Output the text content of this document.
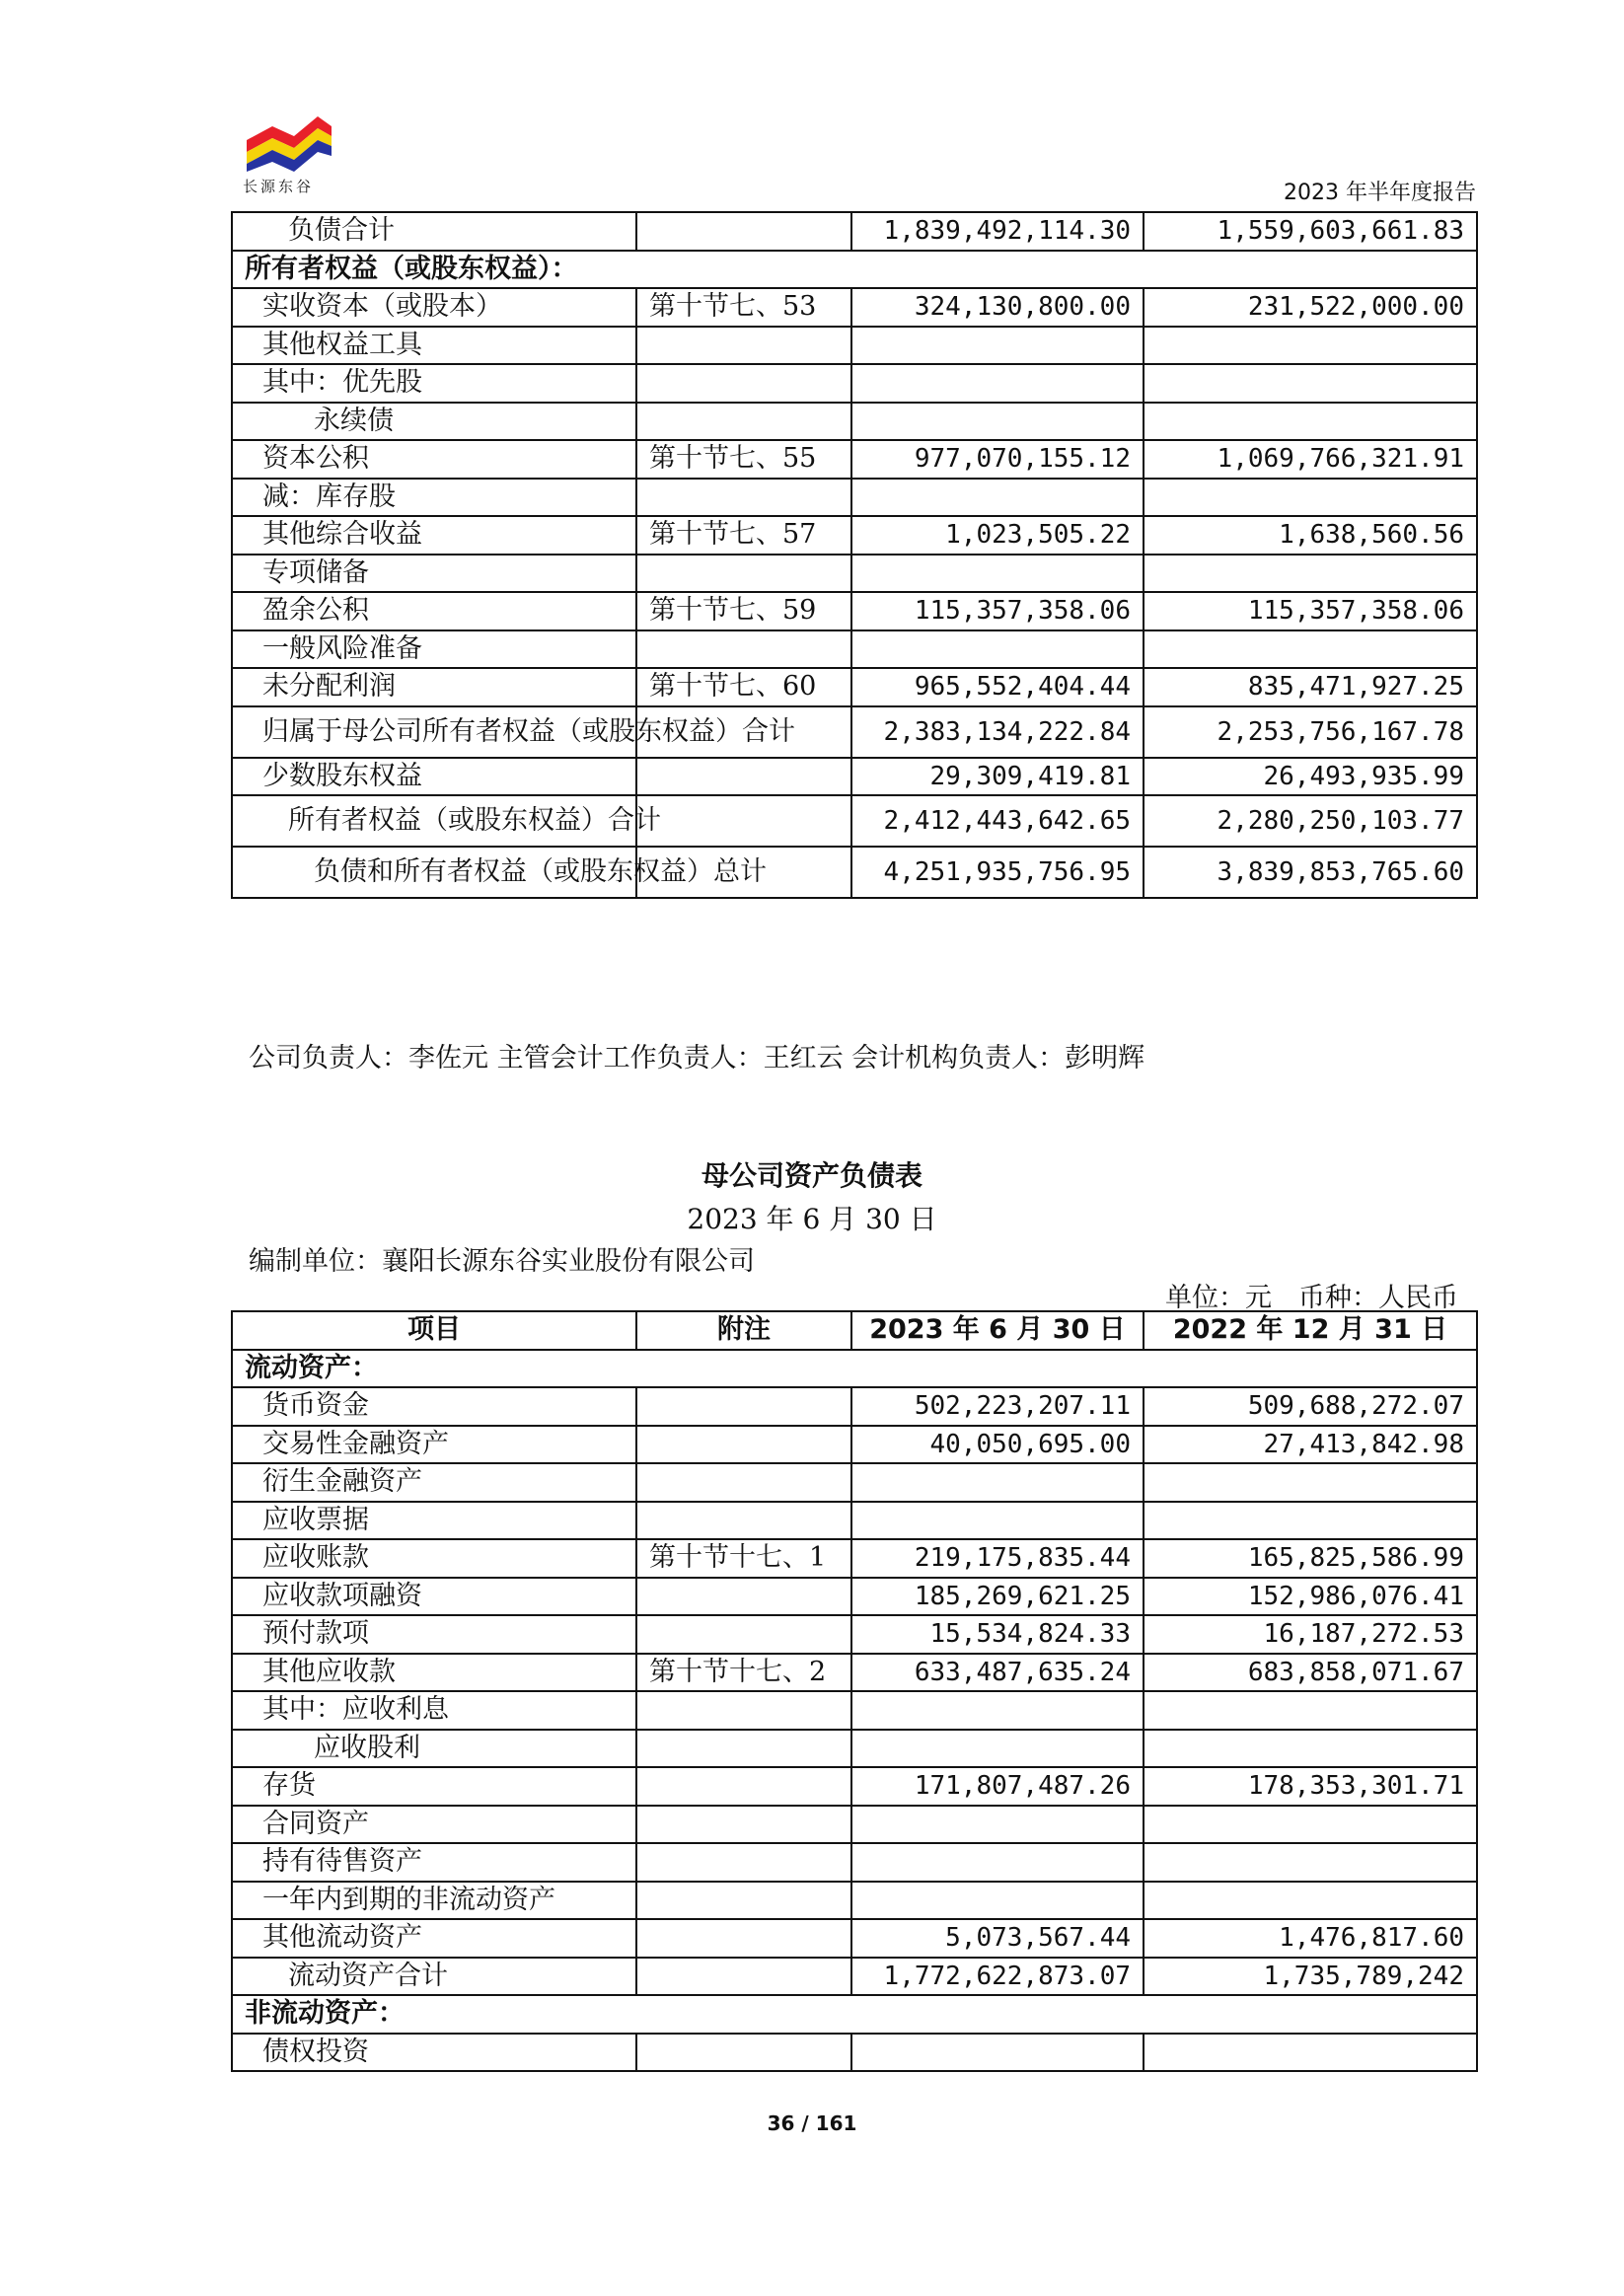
长源东谷	2023 年半年度报告
负债合计		1,839,492,114.30	1,559,603,661.83
所有者权益（或股东权益）：			
实收资本（或股本）	第十节七、53	324,130,800.00	231,522,000.00
其他权益工具			
其中：优先股			
永续债			
资本公积	第十节七、55	977,070,155.12	1,069,766,321.91
减：库存股			
其他综合收益	第十节七、57	1,023,505.22	1,638,560.56
专项储备			
盈余公积	第十节七、59	115,357,358.06	115,357,358.06
一般风险准备			
未分配利润	第十节七、60	965,552,404.44	835,471,927.25
归属于母公司所有者权益（或股东权益）合计		2,383,134,222.84	2,253,756,167.78
少数股东权益		29,309,419.81	26,493,935.99
所有者权益（或股东权益）合计		2,412,443,642.65	2,280,250,103.77
负债和所有者权益（或股东权益）总计		4,251,935,756.95	3,839,853,765.60
公司负责人：李佐元 主管会计工作负责人：王红云 会计机构负责人：彭明辉
母公司资产负债表
2023 年 6 月 30 日
编制单位：襄阳长源东谷实业股份有限公司
单位：元　币种：人民币
项目	附注	2023 年 6 月 30 日	2022 年 12 月 31 日
流动资产：			
货币资金		502,223,207.11	509,688,272.07
交易性金融资产		40,050,695.00	27,413,842.98
衍生金融资产			
应收票据			
应收账款	第十节十七、1	219,175,835.44	165,825,586.99
应收款项融资		185,269,621.25	152,986,076.41
预付款项		15,534,824.33	16,187,272.53
其他应收款	第十节十七、2	633,487,635.24	683,858,071.67
其中：应收利息			
应收股利			
存货		171,807,487.26	178,353,301.71
合同资产			
持有待售资产			
一年内到期的非流动资产			
其他流动资产		5,073,567.44	1,476,817.60
流动资产合计		1,772,622,873.07	1,735,789,242
非流动资产：			
债权投资			
36 / 161
